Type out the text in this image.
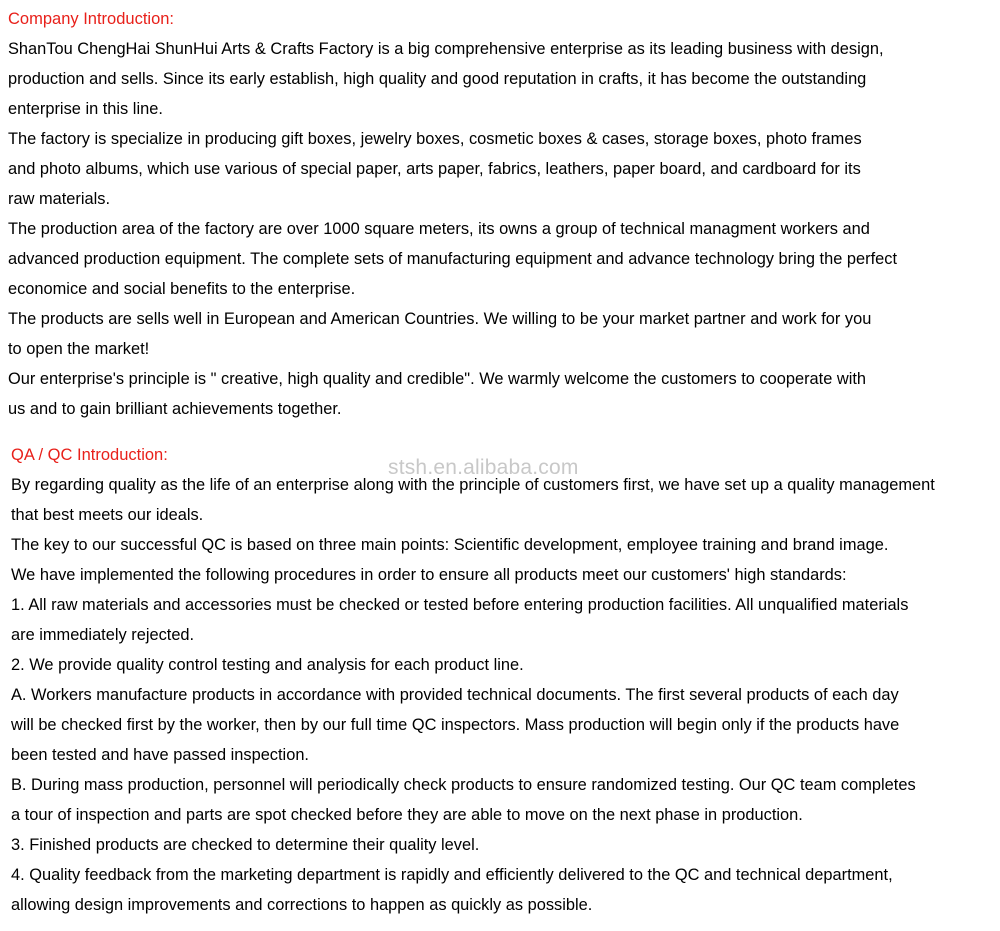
Company Introduction:
ShanTou ChengHai ShunHui Arts & Crafts Factory is a big comprehensive enterprise as its leading business with design,
production and sells. Since its early establish, high quality and good reputation in crafts, it has become the outstanding
enterprise in this line.
The factory is specialize in producing gift boxes, jewelry boxes, cosmetic boxes & cases, storage boxes, photo frames
and photo albums, which use various of special paper, arts paper, fabrics, leathers, paper board, and cardboard for its
raw materials.
The production area of the factory are over 1000 square meters, its owns a group of technical managment workers and
advanced production equipment. The complete sets of manufacturing equipment and advance technology bring the perfect
economice and social benefits to the enterprise.
The products are sells well in European and American Countries. We willing to be your market partner and work for you
to open the market!
Our enterprise's principle is " creative, high quality and credible". We warmly welcome the customers to cooperate with
us and to gain brilliant achievements together.
QA / QC Introduction:
stsh.en.alibaba.com
By regarding quality as the life of an enterprise along with the principle of customers first, we have set up a quality management
that best meets our ideals.
The key to our successful QC is based on three main points: Scientific development, employee training and brand image.
We have implemented the following procedures in order to ensure all products meet our customers' high standards:
1. All raw materials and accessories must be checked or tested before entering production facilities. All unqualified materials
are immediately rejected.
2. We provide quality control testing and analysis for each product line.
A. Workers manufacture products in accordance with provided technical documents. The first several products of each day
will be checked first by the worker, then by our full time QC inspectors. Mass production will begin only if the products have
been tested and have passed inspection.
B. During mass production, personnel will periodically check products to ensure randomized testing. Our QC team completes
a tour of inspection and parts are spot checked before they are able to move on the next phase in production.
3. Finished products are checked to determine their quality level.
4. Quality feedback from the marketing department is rapidly and efficiently delivered to the QC and technical department,
allowing design improvements and corrections to happen as quickly as possible.
